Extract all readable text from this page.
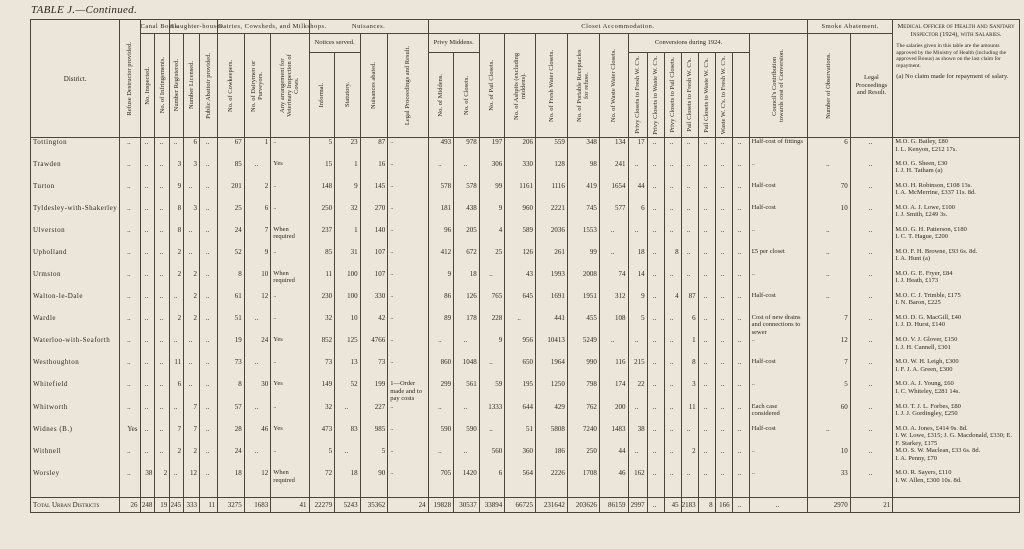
TABLE J.—Continued.
District.	Refuse Destructor provided.	Canal Boats.		Slaughter-houses.			Dairies, Cowsheds, and Milkshops.			Nuisances.				Closet Accommodation.															Smoke Abatement.		Medical Officer of Health and Sanitary Inspector (1924), with Salaries.
The salaries given in this table are the amounts approved by the Ministry of Health (including the approved Bonus) as shown on the last claim for repayment.
(a) No claim made for repayment of salary.

		No. Inspected.	No. of Infringements.	Number Registered.	Number Licensed.	Public Abattoir provided.	No. of Cowkeepers.	No. of Dairymen or Purveyors.	Any arrangement for Veterinary Inspection of Cows.	Notices served.		Nuisances abated.	Legal Proceedings and Result.	Privy Middens.		No. of Pail Closets.	No. of Ashpits (excluding middens).	No. of Fresh Water Closets.	No. of Portable Receptacles for refuse.	No. of Waste Water Closets.	Conversions during 1924.							Council's Contribution towards cost of Conversion.	Number of Observations.	Legal Proceedings and Result.	

										Informal.	Statutory.			No. of Middens.	No. of Closets.						Privy Closets to Fresh W. C's.	Privy Closets to Waste W. C's.	Privy Closets to Pail Closets.	Pail Closets to Fresh W. C's.	Pail Closets to Waste W. C's.	Waste W. C's. to Fresh W. C's.					

Tottington	..	..	..	..	6	..	67	1	..	5	23	87	..	493	978	197	206	559	348	134	17	..	..	..	..	..	..	Half-cost of fittings	6	..	M.O. G. Bailey, £80
I. L. Kenyon, £212 17s.

Trawden	..	..	..	3	3	..	85	..	Yes	15	1	16	..	..	..	306	330	128	98	241	..	..	..	..	..	..	..	..	..	..	M.O. G. Sheen, £30
I. J. H. Tatham (a)

Turton	..	..	..	9	..	..	201	2	..	148	9	145	..	578	578	99	1161	1116	419	1654	44	..	..	..	..	..	..	Half-cost	70	..	M.O. H. Robinson, £108 13s.
I. A. McMerrine, £337 11s. 8d.

Tyldesley-with-Shakerley	..	..	..	8	3	..	25	6	..	250	32	270	..	181	438	9	960	2221	745	577	6	..	..	..	..	..	..	Half-cost	10	..	M.O. A. J. Lowe, £100
I. J. Smith, £249 3s.

Ulverston	..	..	..	8	..	..	24	7	When required	237	1	140	..	96	205	4	589	2036	1553	..	..	..	..	..	..	..	..	..	..	..	M.O. G. H. Patterson, £180
I. C. T. Hague, £200

Upholland	..	..	..	2	..	..	52	9	..	85	31	107	..	412	672	25	126	261	99	..	18	..	8	..	..	..	..	£5 per closet	..	..	M.O. F. H. Browne, £93 6s. 8d.
I. A. Hunt (a)

Urmston	..	..	..	2	2	..	8	10	When required	11	100	107	..	9	18	..	43	1993	2008	74	14	..	..	..	..	..	..	..	..	..	M.O. G. E. Fryer, £84
I. J. Heath, £173

Walton-le-Dale	..	..	..	..	2	..	61	12	..	230	100	330	..	86	126	765	645	1691	1951	312	9	..	4	87	..	..	..	Half-cost	..	..	M.O. C. J. Trimble, £175
I. N. Baron, £225

Wardle	..	..	..	2	2	..	51	..	..	32	10	42	..	89	178	228	..	441	455	108	5	..	..	6	..	..	..	Cost of new drains and connections to sewer	7	..	M.O. D. G. MacGill, £40
I. J. D. Hurst, £140

Waterloo-with-Seaforth	..	..	..	..	..	..	19	24	Yes	852	125	4766	..	..	..	9	956	10413	5249	..	..	..	..	1	..	..	..	..	12	..	M.O. V. J. Glover, £150
I. J. H. Cannell, £301

Westhoughton	..	..	..	11	..	..	73	..	..	73	13	73	..	860	1048	..	650	1964	990	116	215	..	..	8	..	..	..	Half-cost	7	..	M.O. W. H. Leigh, £300
I. F. J. A. Green, £300

Whitefield	..	..	..	6	..	..	8	30	Yes	149	52	199	1—Order made and to pay costs	299	561	59	195	1250	798	174	22	..	..	3	..	..	..	..	5	..	M.O. A. J. Young, £60
I. C. Whiteley, £281 14s.

Whitworth	..	..	..	..	7	..	57	..	..	32	..	227	..	..	..	1333	644	429	762	200	..	..	..	11	..	..	..	Each case considered	60	..	M.O. T. J. L. Forbes, £80
I. J. J. Gordingley, £250

Widnes (B.)	Yes	..	..	7	7	..	28	46	Yes	473	83	985	..	590	590	..	51	5808	7240	1483	38	..	..	..	..	..	..	Half-cost	..	..	M.O. A. Jones, £414 9s. 8d.
I. W. Lowe, £315; J. G. Macdonald, £330; E. F. Starkey, £175

Withnell	..	..	..	2	2	..	24	..	..	5	..	5	..	..	..	560	360	186	250	44	..	..	..	2	..	..	..	..	10	..	M.O. S. W. Maclean, £33 6s. 8d.
I. A. Penny, £70

Worsley	..	38	2	..	12	..	18	12	When required	72	18	90	..	705	1420	6	564	2226	1708	46	162	..	..	..	..	..	..	..	33	..	M.O. R. Sayers, £110
I. W. Allen, £300 10s. 8d.

Total Urban Districts	26	248	19	245	333	11	3275	1683	41	22279	5243	35362	24	19828	30537	33894	66725	231642	203626	86159	2997	..	45	2183	8	166	..	..	2970	21	
